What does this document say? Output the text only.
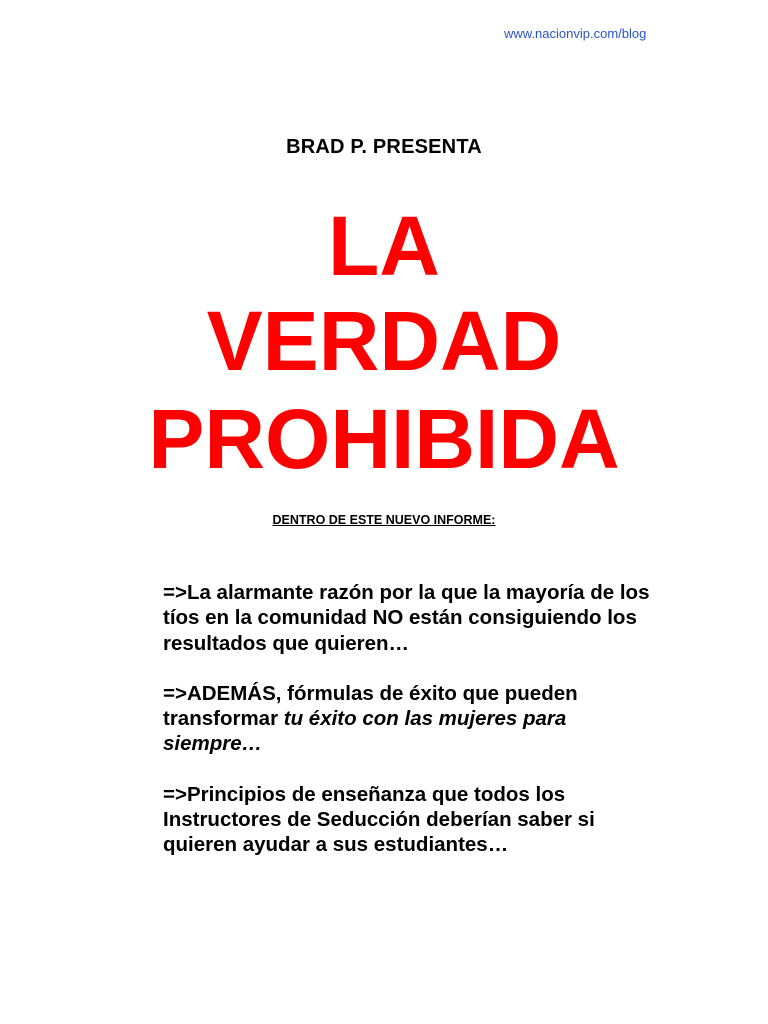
www.nacionvip.com/blog
BRAD P. PRESENTA
LA
VERDAD
PROHIBIDA
DENTRO DE ESTE NUEVO INFORME:

=>La alarmante razón por la que la mayoría de los tíos en la comunidad NO están consiguiendo los resultados que quieren…

=>ADEMÁS, fórmulas de éxito que pueden transformar tu éxito con las mujeres para siempre…

=>Principios de enseñanza que todos los Instructores de Seducción deberían saber si quieren ayudar a sus estudiantes…
